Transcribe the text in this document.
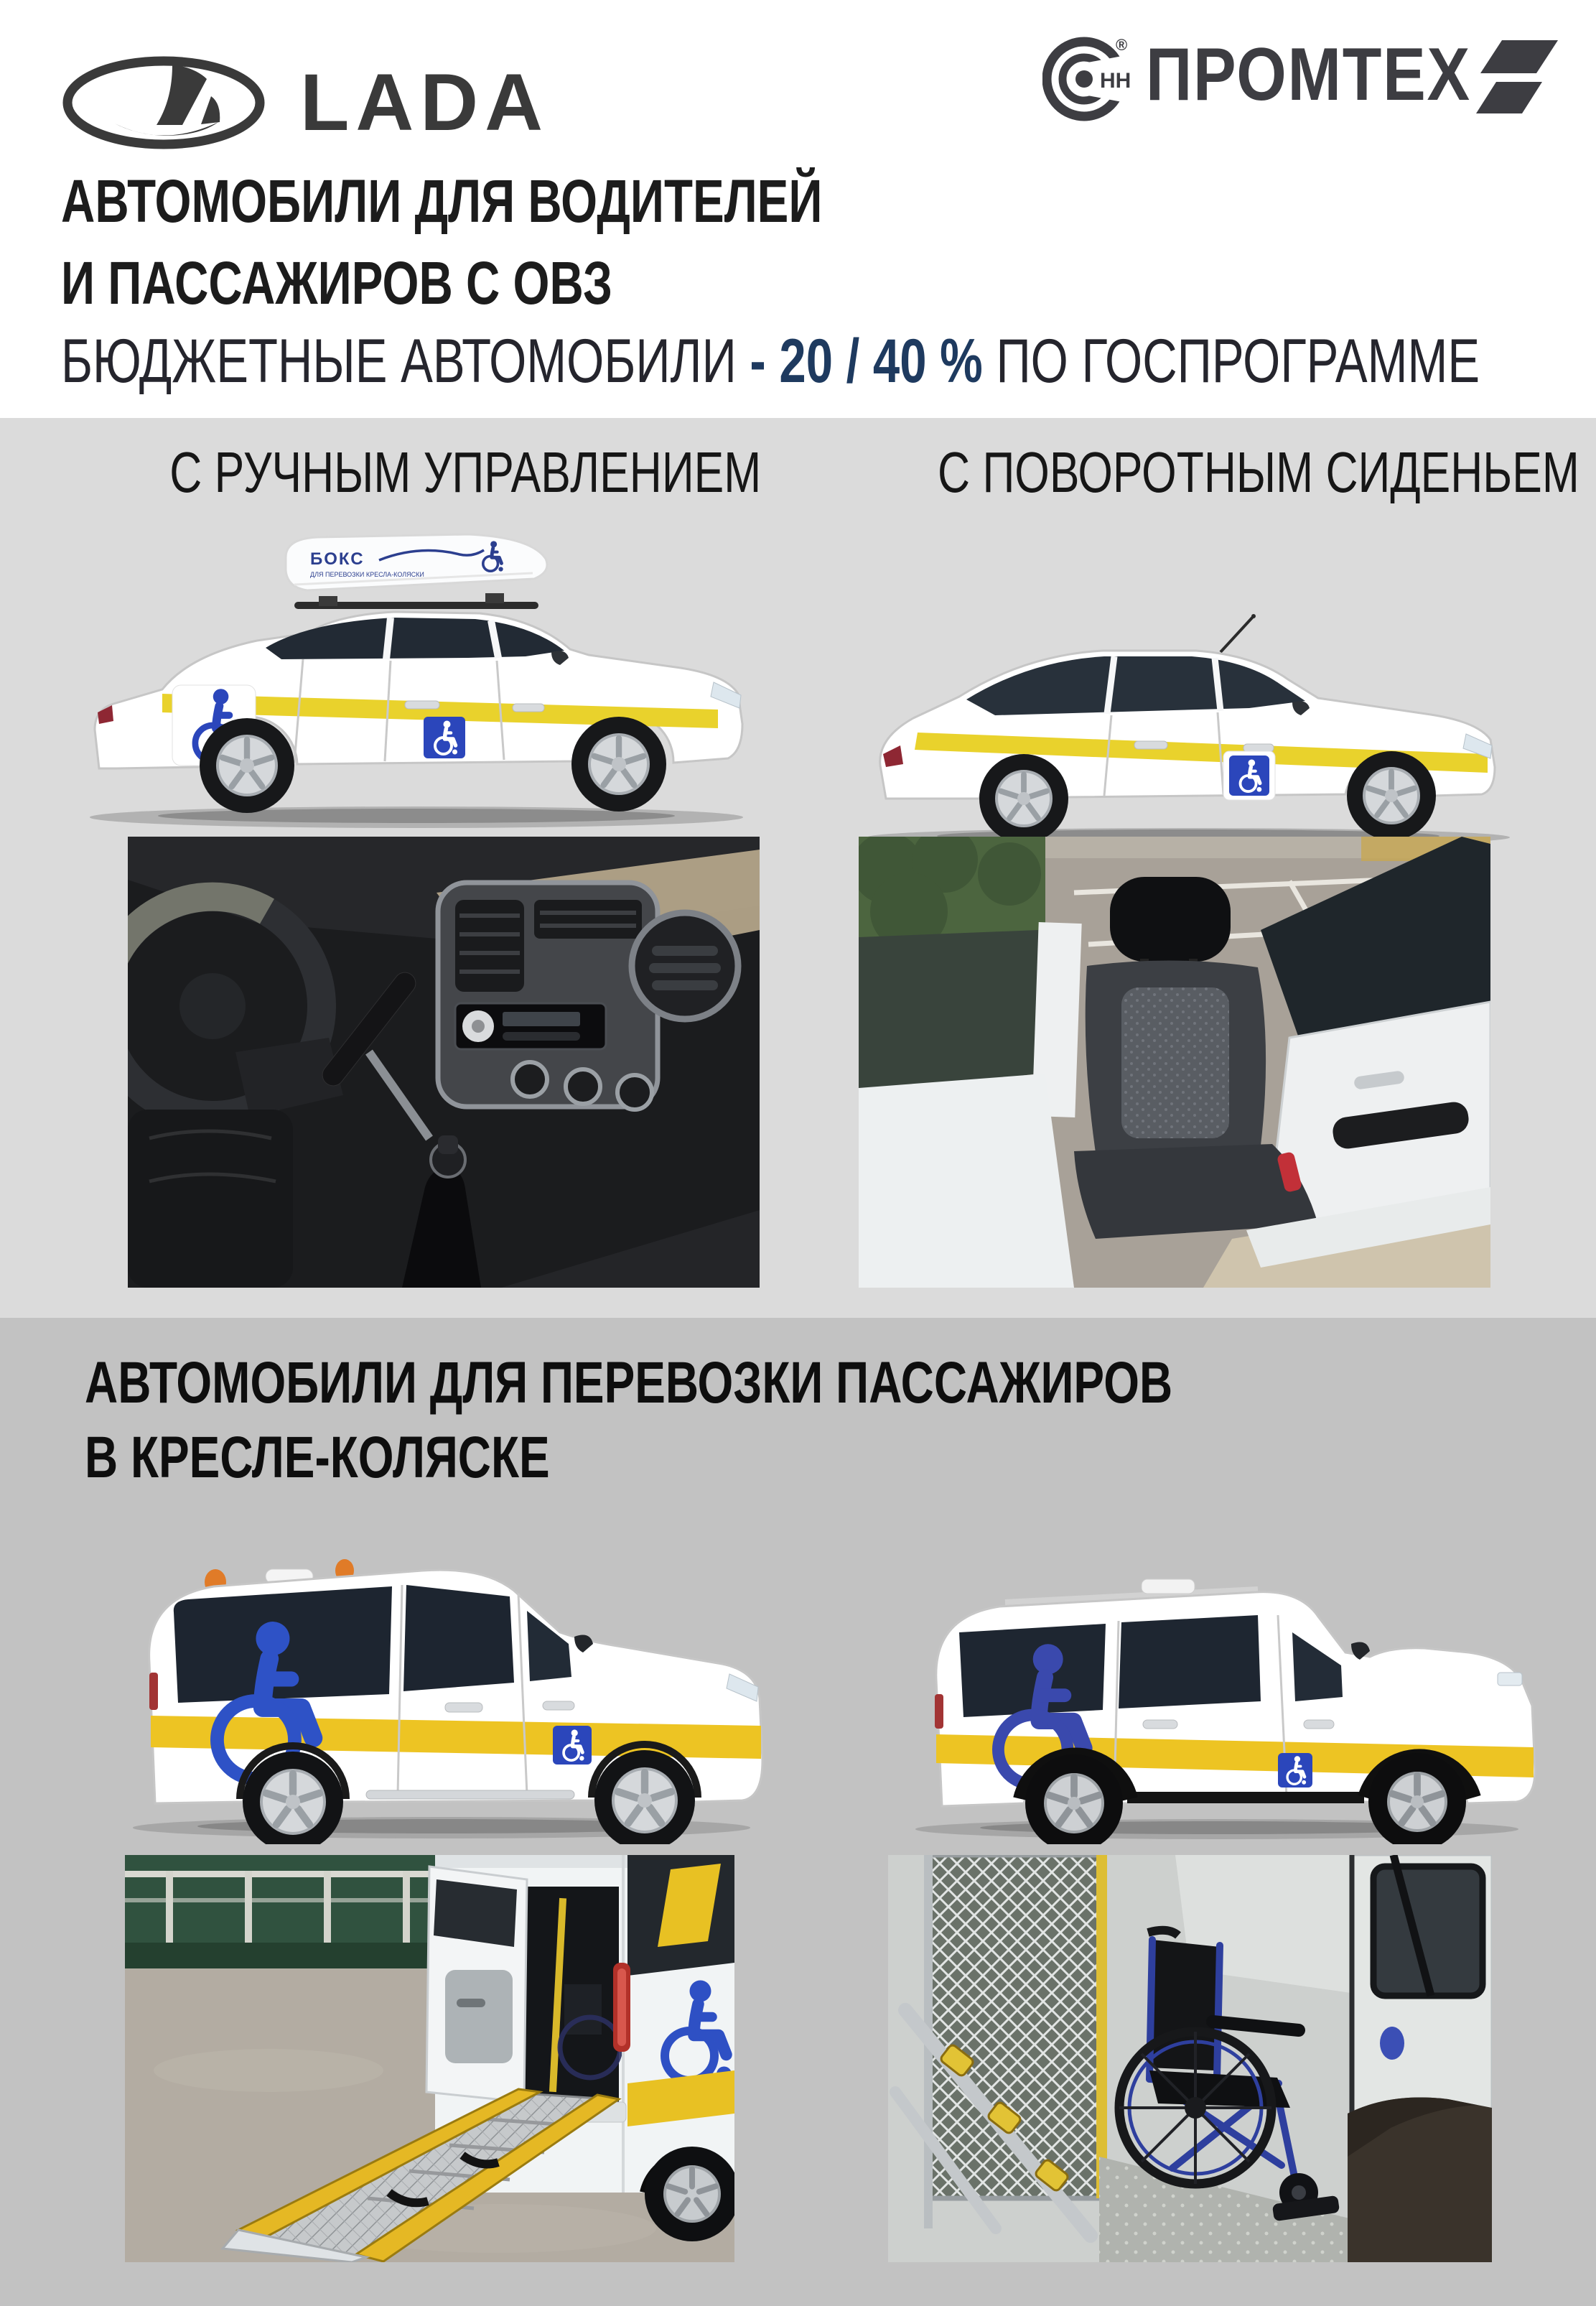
LADA	НН
® ПРОМТЕХ
АВТОМОБИЛИ ДЛЯ ВОДИТЕЛЕЙ
И ПАССАЖИРОВ С ОВЗ
БЮДЖЕТНЫЕ АВТОМОБИЛИ - 20 / 40 % ПО ГОСПРОГРАММЕ
С РУЧНЫМ УПРАВЛЕНИЕМ	С ПОВОРОТНЫМ СИДЕНЬЕМ
БОКС
ДЛЯ ПЕРЕВОЗКИ КРЕСЛА-КОЛЯСКИ
АВТОМОБИЛИ ДЛЯ ПЕРЕВОЗКИ ПАССАЖИРОВ
В КРЕСЛЕ-КОЛЯСКЕ
